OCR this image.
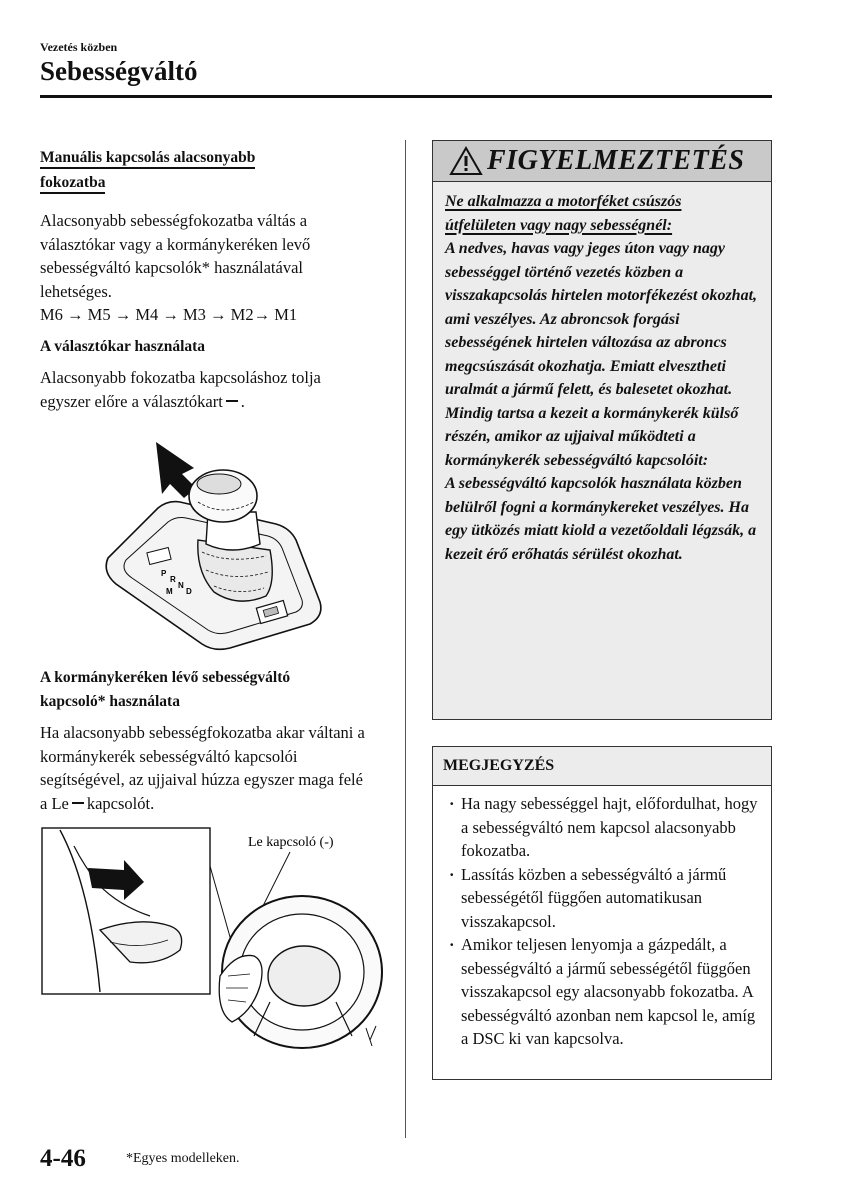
Vezetés közben
Sebességváltó

Manuális kapcsolás alacsonyabb
fokozatba

Alacsonyabb sebességfokozatba váltás a választókar vagy a kormánykeréken levő sebességváltó kapcsolók* használatával lehetséges.

M6 → M5 → M4 → M3 → M2→ M1

A választókar használata

Alacsonyabb fokozatba kapcsoláshoz tolja egyszer előre a választókart .

P
R
N
D
M

A kormánykeréken lévő sebességváltó
kapcsoló* használata

Ha alacsonyabb sebességfokozatba akar váltani a kormánykerék sebességváltó kapcsolói segítségével, az ujjaival húzza egyszer maga felé a Le kapcsolót.

Le kapcsoló (-)
FIGYELMEZTETÉS

Ne alkalmazza a motorféket csúszós
útfelületen vagy nagy sebességnél:

A nedves, havas vagy jeges úton vagy nagy sebességgel történő vezetés közben a visszakapcsolás hirtelen motorfékezést okozhat, ami veszélyes. Az abroncsok forgási sebességének hirtelen változása az abroncs megcsúszását okozhatja. Emiatt elvesztheti uralmát a jármű felett, és balesetet okozhat.

Mindig tartsa a kezeit a kormánykerék külső részén, amikor az ujjaival működteti a kormánykerék sebességváltó kapcsolóit:

A sebességváltó kapcsolók használata közben belülről fogni a kormánykereket veszélyes. Ha egy ütközés miatt kiold a vezetőoldali légzsák, a kezeit érő erőhatás sérülést okozhat.

MEGJEGYZÉS
· Ha nagy sebességgel hajt, előfordulhat, hogy a sebességváltó nem kapcsol alacsonyabb fokozatba.
· Lassítás közben a sebességváltó a jármű sebességétől függően automatikusan visszakapcsol.
· Amikor teljesen lenyomja a gázpedált, a sebességváltó a jármű sebességétől függően visszakapcsol egy alacsonyabb fokozatba. A sebességváltó azonban nem kapcsol le, amíg a DSC ki van kapcsolva.
4-46	*Egyes modelleken.
